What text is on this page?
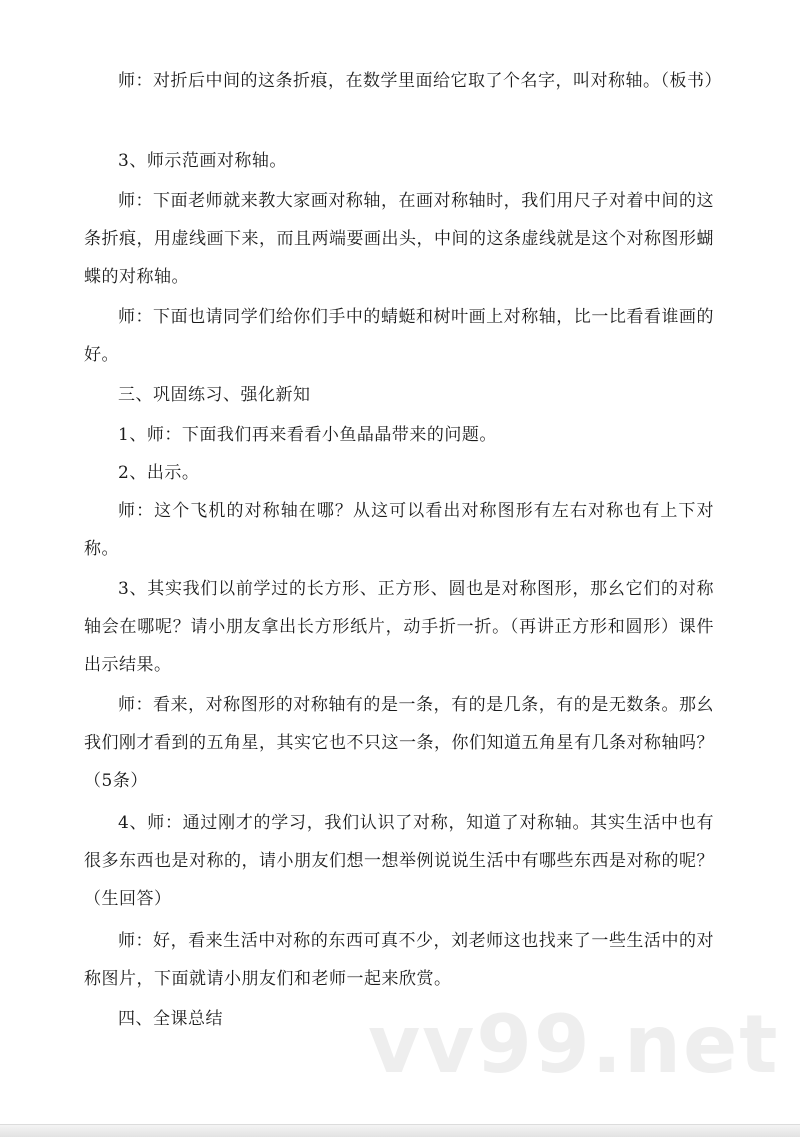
师：对折后中间的这条折痕，在数学里面给它取了个名字，叫对称轴。（板书）

3、师示范画对称轴。

师：下面老师就来教大家画对称轴，在画对称轴时，我们用尺子对着中间的这条折痕，用虚线画下来，而且两端要画出头，中间的这条虚线就是这个对称图形蝴蝶的对称轴。

师：下面也请同学们给你们手中的蜻蜓和树叶画上对称轴，比一比看看谁画的好。

三、巩固练习、强化新知

1、师：下面我们再来看看小鱼晶晶带来的问题。

2、出示。

师：这个飞机的对称轴在哪？从这可以看出对称图形有左右对称也有上下对称。

3、其实我们以前学过的长方形、正方形、圆也是对称图形，那幺它们的对称轴会在哪呢？请小朋友拿出长方形纸片，动手折一折。（再讲正方形和圆形）课件出示结果。

师：看来，对称图形的对称轴有的是一条，有的是几条，有的是无数条。那幺我们刚才看到的五角星，其实它也不只这一条，你们知道五角星有几条对称轴吗？（5条）

4、师：通过刚才的学习，我们认识了对称，知道了对称轴。其实生活中也有很多东西也是对称的，请小朋友们想一想举例说说生活中有哪些东西是对称的呢？（生回答）

师：好，看来生活中对称的东西可真不少，刘老师这也找来了一些生活中的对称图片，下面就请小朋友们和老师一起来欣赏。

四、全课总结	vv99.net
